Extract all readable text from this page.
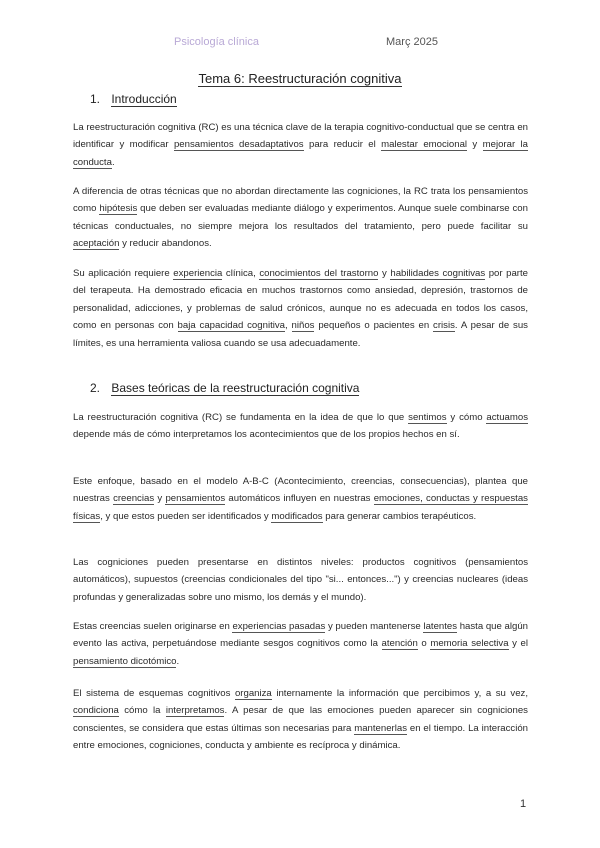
Psicología clínica	Març 2025
Tema 6: Reestructuración cognitiva
1. Introducción

La reestructuración cognitiva (RC) es una técnica clave de la terapia cognitivo-conductual que se centra en identificar y modificar pensamientos desadaptativos para reducir el malestar emocional y mejorar la conducta.

A diferencia de otras técnicas que no abordan directamente las cogniciones, la RC trata los pensamientos como hipótesis que deben ser evaluadas mediante diálogo y experimentos. Aunque suele combinarse con técnicas conductuales, no siempre mejora los resultados del tratamiento, pero puede facilitar su aceptación y reducir abandonos.

Su aplicación requiere experiencia clínica, conocimientos del trastorno y habilidades cognitivas por parte del terapeuta. Ha demostrado eficacia en muchos trastornos como ansiedad, depresión, trastornos de personalidad, adicciones, y problemas de salud crónicos, aunque no es adecuada en todos los casos, como en personas con baja capacidad cognitiva, niños pequeños o pacientes en crisis. A pesar de sus límites, es una herramienta valiosa cuando se usa adecuadamente.

2. Bases teóricas de la reestructuración cognitiva

La reestructuración cognitiva (RC) se fundamenta en la idea de que lo que sentimos y cómo actuamos depende más de cómo interpretamos los acontecimientos que de los propios hechos en sí.

Este enfoque, basado en el modelo A-B-C (Acontecimiento, creencias, consecuencias), plantea que nuestras creencias y pensamientos automáticos influyen en nuestras emociones, conductas y respuestas físicas, y que estos pueden ser identificados y modificados para generar cambios terapéuticos.

Las cogniciones pueden presentarse en distintos niveles: productos cognitivos (pensamientos automáticos), supuestos (creencias condicionales del tipo "si... entonces...") y creencias nucleares (ideas profundas y generalizadas sobre uno mismo, los demás y el mundo).

Estas creencias suelen originarse en experiencias pasadas y pueden mantenerse latentes hasta que algún evento las activa, perpetuándose mediante sesgos cognitivos como la atención o memoria selectiva y el pensamiento dicotómico.

El sistema de esquemas cognitivos organiza internamente la información que percibimos y, a su vez, condiciona cómo la interpretamos. A pesar de que las emociones pueden aparecer sin cogniciones conscientes, se considera que estas últimas son necesarias para mantenerlas en el tiempo. La interacción entre emociones, cogniciones, conducta y ambiente es recíproca y dinámica.

1
